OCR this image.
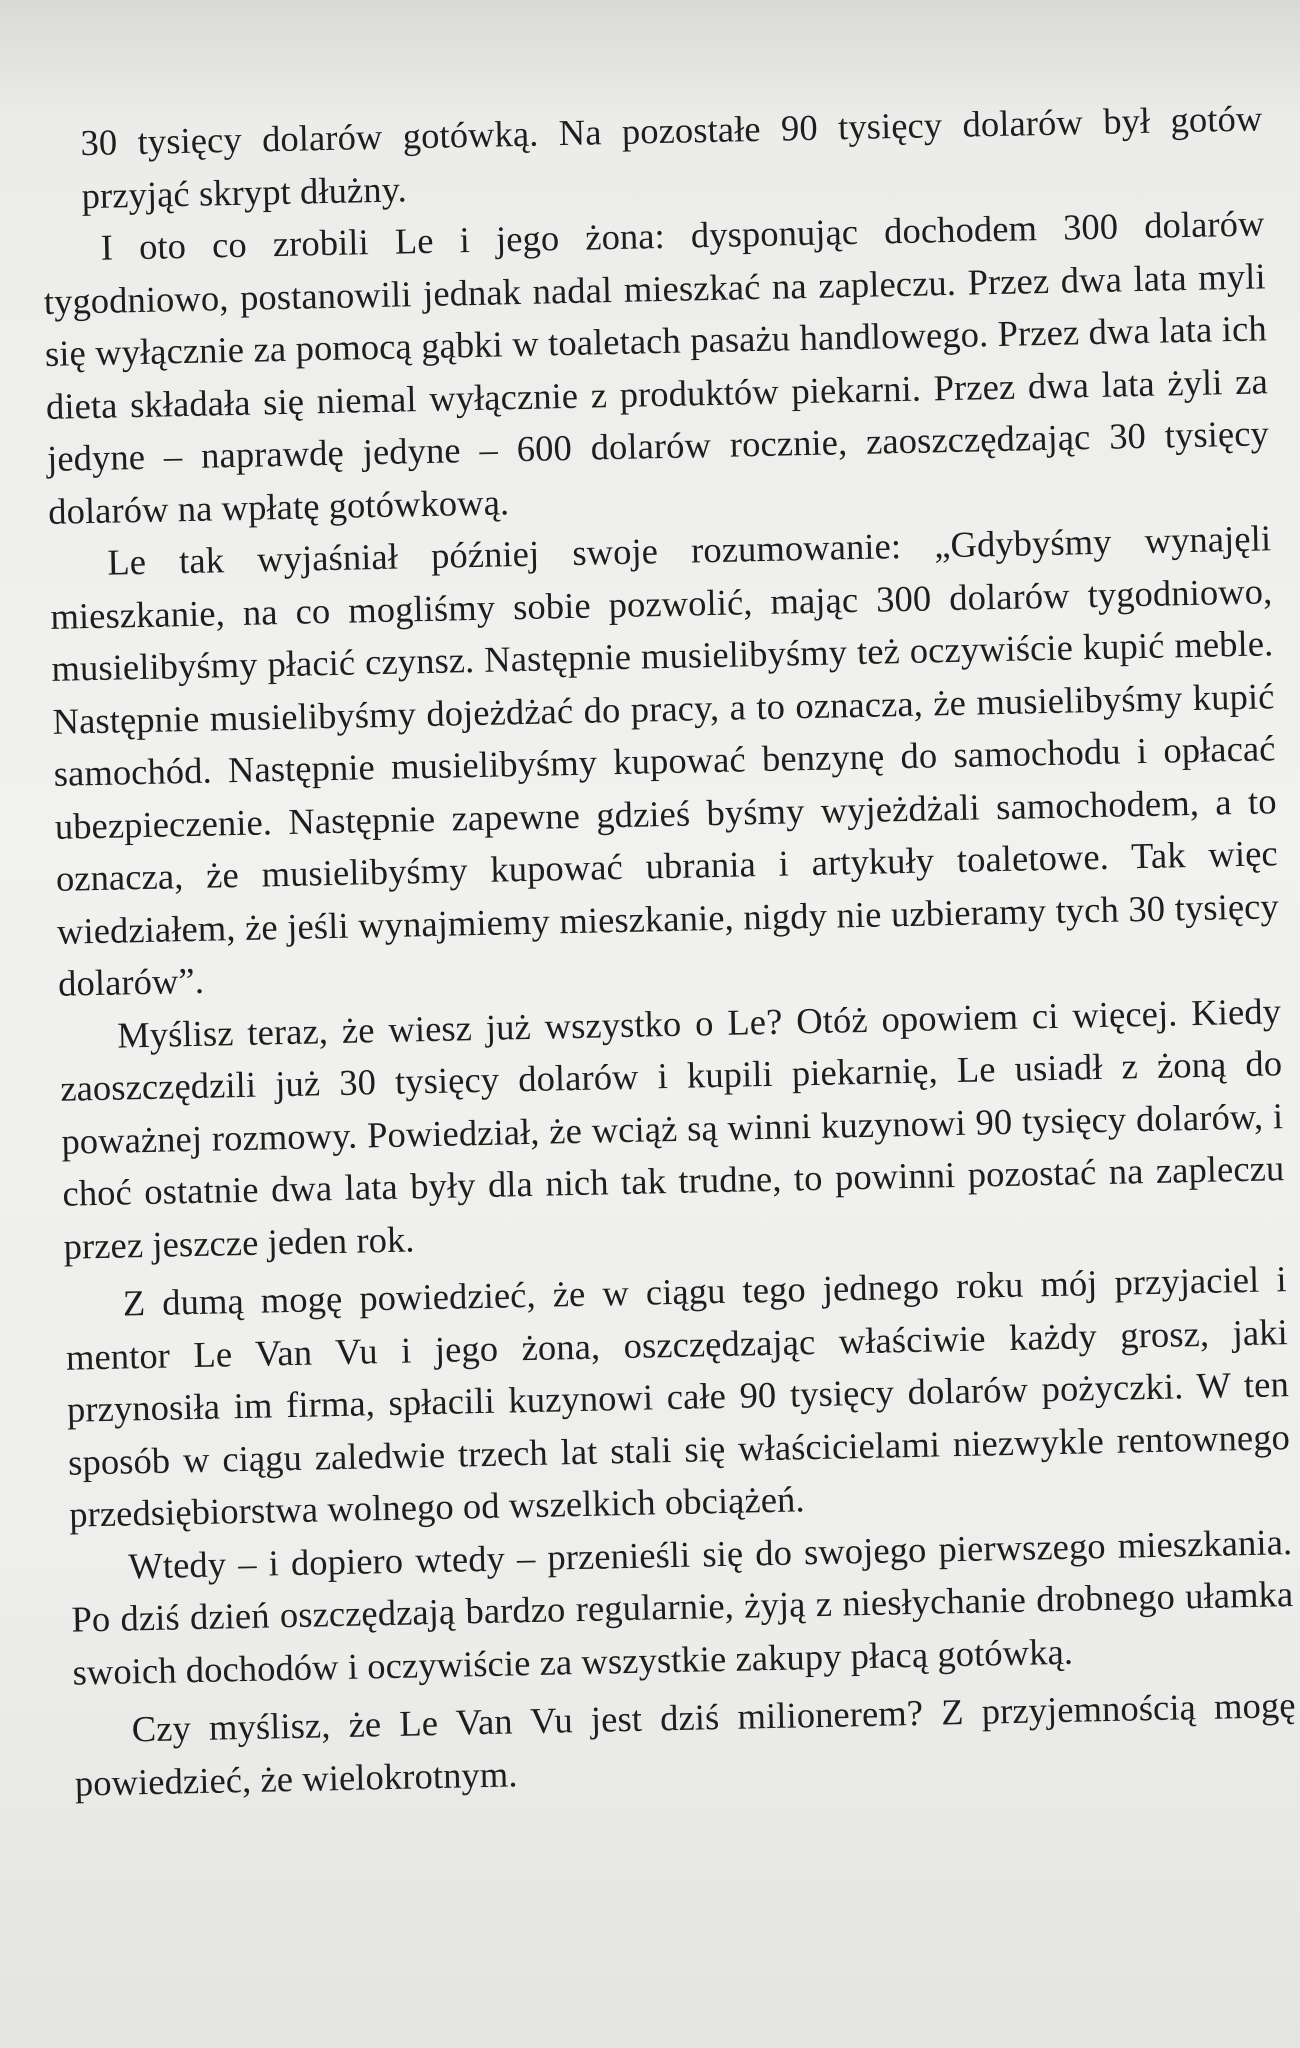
30 tysięcy dolarów gotówką. Na pozostałe 90 tysięcy dolarów był gotów przyjąć skrypt dłużny.

I oto co zrobili Le i jego żona: dysponując dochodem 300 dolarów tygodniowo, postanowili jednak nadal mieszkać na zapleczu. Przez dwa lata myli się wyłącznie za pomocą gąbki w toaletach pasażu handlowego. Przez dwa lata ich dieta składała się niemal wyłącznie z produktów piekarni. Przez dwa lata żyli za jedyne – naprawdę jedyne – 600 dolarów rocznie, zaoszczędzając 30 tysięcy dolarów na wpłatę gotówkową.

Le tak wyjaśniał później swoje rozumowanie: „Gdybyśmy wynajęli mieszkanie, na co mogliśmy sobie pozwolić, mając 300 dolarów tygodniowo, musielibyśmy płacić czynsz. Następnie musielibyśmy też oczywiście kupić meble. Następnie musielibyśmy dojeżdżać do pracy, a to oznacza, że musielibyśmy kupić samochód. Następnie musielibyśmy kupować benzynę do samochodu i opłacać ubezpieczenie. Następnie zapewne gdzieś byśmy wyjeżdżali samochodem, a to oznacza, że musielibyśmy kupować ubrania i artykuły toaletowe. Tak więc wiedziałem, że jeśli wynajmiemy mieszkanie, nigdy nie uzbieramy tych 30 tysięcy dolarów”.

Myślisz teraz, że wiesz już wszystko o Le? Otóż opowiem ci więcej. Kiedy zaoszczędzili już 30 tysięcy dolarów i kupili piekarnię, Le usiadł z żoną do poważnej rozmowy. Powiedział, że wciąż są winni kuzynowi 90 tysięcy dolarów, i choć ostatnie dwa lata były dla nich tak trudne, to powinni pozostać na zapleczu przez jeszcze jeden rok.

Z dumą mogę powiedzieć, że w ciągu tego jednego roku mój przyjaciel i mentor Le Van Vu i jego żona, oszczędzając właściwie każdy grosz, jaki przynosiła im firma, spłacili kuzynowi całe 90 tysięcy dolarów pożyczki. W ten sposób w ciągu zaledwie trzech lat stali się właścicielami niezwykle rentownego przedsiębiorstwa wolnego od wszelkich obciążeń.

Wtedy – i dopiero wtedy – przenieśli się do swojego pierwszego mieszkania. Po dziś dzień oszczędzają bardzo regularnie, żyją z niesłychanie drobnego ułamka swoich dochodów i oczywiście za wszystkie zakupy płacą gotówką.

Czy myślisz, że Le Van Vu jest dziś milionerem? Z przyjemnością mogę powiedzieć, że wielokrotnym.
